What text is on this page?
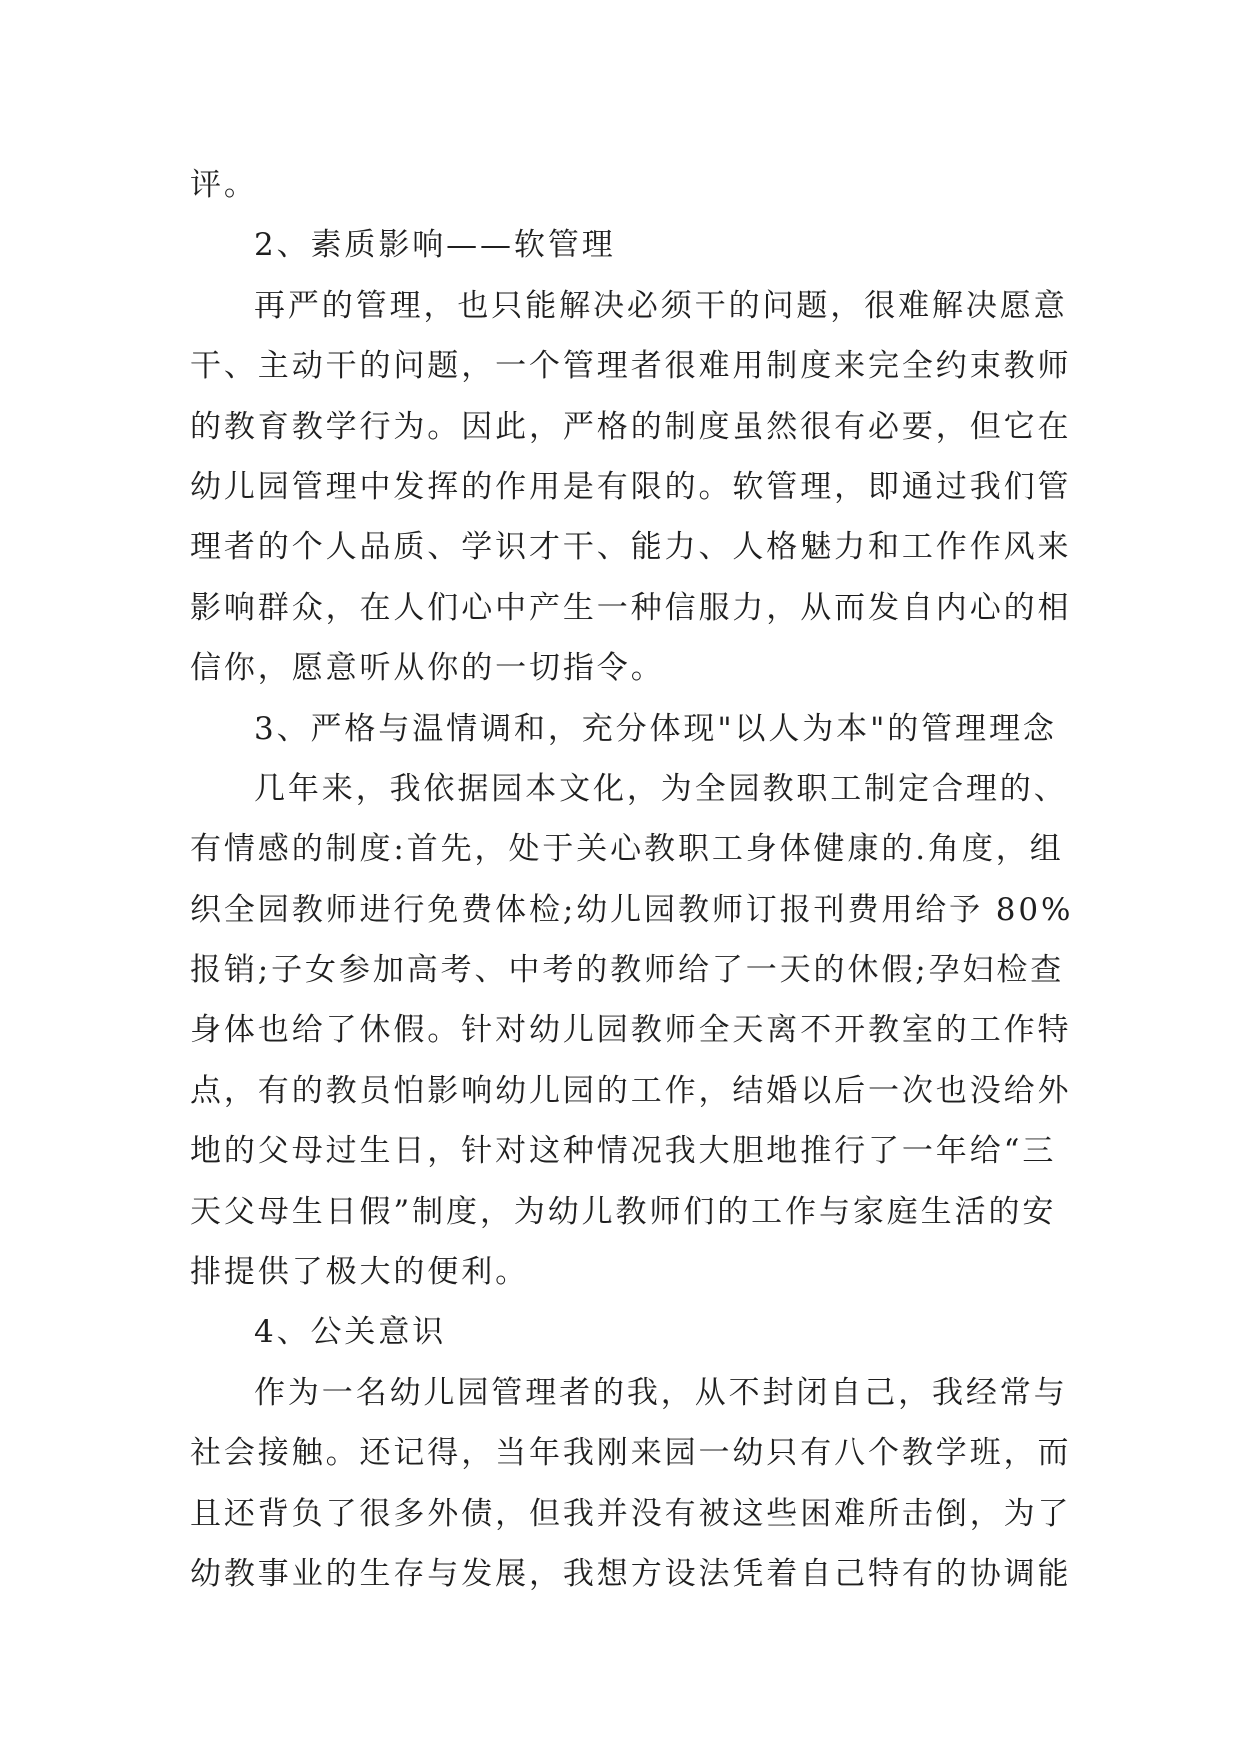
评。
2、素质影响——软管理
再严的管理，也只能解决必须干的问题，很难解决愿意
干、主动干的问题，一个管理者很难用制度来完全约束教师
的教育教学行为。因此，严格的制度虽然很有必要，但它在
幼儿园管理中发挥的作用是有限的。软管理，即通过我们管
理者的个人品质、学识才干、能力、人格魅力和工作作风来
影响群众，在人们心中产生一种信服力，从而发自内心的相
信你，愿意听从你的一切指令。
3、严格与温情调和，充分体现"以人为本"的管理理念
几年来，我依据园本文化，为全园教职工制定合理的、
有情感的制度:首先，处于关心教职工身体健康的.角度，组
织全园教师进行免费体检;幼儿园教师订报刊费用给予 80%
报销;子女参加高考、中考的教师给了一天的休假;孕妇检查
身体也给了休假。针对幼儿园教师全天离不开教室的工作特
点，有的教员怕影响幼儿园的工作，结婚以后一次也没给外
地的父母过生日，针对这种情况我大胆地推行了一年给“三
天父母生日假”制度，为幼儿教师们的工作与家庭生活的安
排提供了极大的便利。
4、公关意识
作为一名幼儿园管理者的我，从不封闭自己，我经常与
社会接触。还记得，当年我刚来园一幼只有八个教学班，而
且还背负了很多外债，但我并没有被这些困难所击倒，为了
幼教事业的生存与发展，我想方设法凭着自己特有的协调能
